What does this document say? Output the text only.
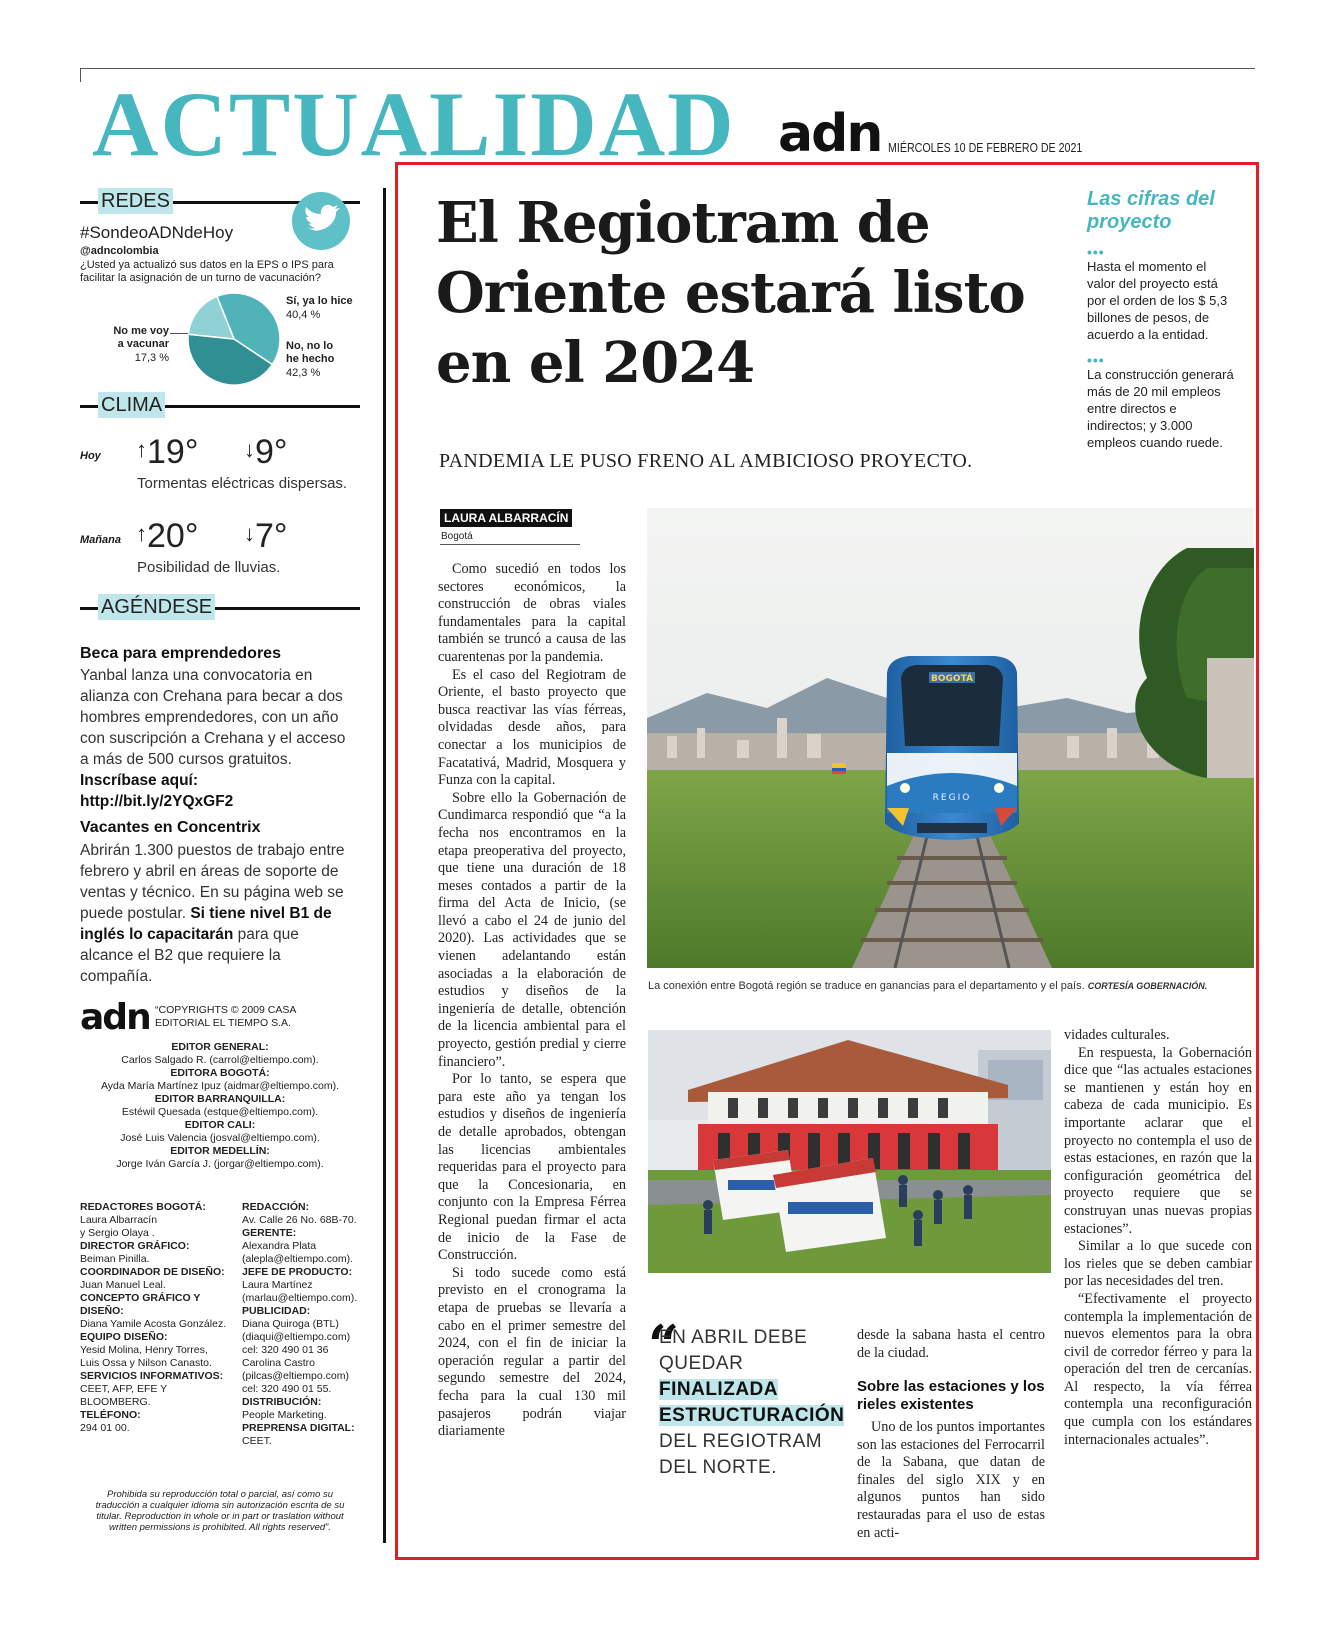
ACTUALIDAD adn MIÉRCOLES 10 DE FEBRERO DE 2021
REDES
#SondeoADNdeHoy
@adncolombia
¿Usted ya actualizó sus datos en la EPS o IPS para facilitar la asignación de un turno de vacunación?
Sí, ya lo hice
40,4 %
No, no lo
he hecho
42,3 %
No me voy
a vacunar
17,3 %
CLIMA
Hoy ↑19° ↓9°
Tormentas eléctricas dispersas.
Mañana ↑20° ↓7°
Posibilidad de lluvias.
AGÉNDESE
Beca para emprendedores
Yanbal lanza una convocatoria en alianza con Crehana para becar a dos hombres emprendedores, con un año con suscripción a Crehana y el acceso a más de 500 cursos gratuitos. Inscríbase aquí: http://bit.ly/2YQxGF2
Vacantes en Concentrix
Abrirán 1.300 puestos de trabajo entre febrero y abril en áreas de soporte de ventas y técnico. En su página web se puede postular. Si tiene nivel B1 de inglés lo capacitarán para que alcance el B2 que requiere la compañía.
adn “COPYRIGHTS © 2009 CASA
EDITORIAL EL TIEMPO S.A.
EDITOR GENERAL:
Carlos Salgado R. (carrol@eltiempo.com).
EDITORA BOGOTÁ:
Ayda María Martínez Ipuz (aidmar@eltiempo.com).
EDITOR BARRANQUILLA:
Estéwil Quesada (estque@eltiempo.com).
EDITOR CALI:
José Luis Valencia (josval@eltiempo.com).
EDITOR MEDELLÍN:
Jorge Iván García J. (jorgar@eltiempo.com).
REDACTORES BOGOTÁ:
Laura Albarracín
y Sergio Olaya .
DIRECTOR GRÁFICO:
Beiman Pinilla.
COORDINADOR DE DISEÑO:
Juan Manuel Leal.
CONCEPTO GRÁFICO Y DISEÑO:
Diana Yamile Acosta González.
EQUIPO DISEÑO:
Yesid Molina, Henry Torres,
Luis Ossa y Nilson Canasto.
SERVICIOS INFORMATIVOS:
CEET, AFP, EFE Y BLOOMBERG.
TELÉFONO:
294 01 00.
REDACCIÓN:
Av. Calle 26 No. 68B-70.
GERENTE:
Alexandra Plata
(alepla@eltiempo.com).
JEFE DE PRODUCTO:
Laura Martínez
(marlau@eltiempo.com).
PUBLICIDAD:
Diana Quiroga (BTL)
(diaqui@eltiempo.com)
cel: 320 490 01 36
Carolina Castro
(pilcas@eltiempo.com)
cel: 320 490 01 55.
DISTRIBUCIÓN:
People Marketing.
PREPRENSA DIGITAL:
CEET.
Prohibida su reproducción total o parcial, así como su traducción a cualquier idioma sin autorización escrita de su titular. Reproduction in whole or in part or traslation without written permissions is prohibited. All rights reserved”.
El Regiotram de Oriente estará listo en el 2024
PANDEMIA LE PUSO FRENO AL AMBICIOSO PROYECTO.
Las cifras del proyecto
•••
Hasta el momento el valor del proyecto está por el orden de los $ 5,3 billones de pesos, de acuerdo a la entidad.
•••
La construcción generará más de 20 mil empleos entre directos e indirectos; y 3.000 empleos cuando ruede.
LAURA ALBARRACÍN
Bogotá

Como sucedió en todos los sectores económicos, la construcción de obras viales fundamentales para la capital también se truncó a causa de las cuarentenas por la pandemia.

Es el caso del Regiotram de Oriente, el basto proyecto que busca reactivar las vías férreas, olvidadas desde años, para conectar a los municipios de Facatativá, Madrid, Mosquera y Funza con la capital.

Sobre ello la Gobernación de Cundimarca respondió que “a la fecha nos encontramos en la etapa preoperativa del proyecto, que tiene una duración de 18 meses contados a partir de la firma del Acta de Inicio, (se llevó a cabo el 24 de junio del 2020). Las actividades que se vienen adelantando están asociadas a la elaboración de estudios y diseños de la ingeniería de detalle, obtención de la licencia ambiental para el proyecto, gestión predial y cierre financiero”.

Por lo tanto, se espera que para este año ya tengan los estudios y diseños de ingeniería de detalle aprobados, obtengan las licencias ambientales requeridas para el proyecto para que la Concesionaria, en conjunto con la Empresa Férrea Regional puedan firmar el acta de inicio de la Fase de Construcción.

Si todo sucede como está previsto en el cronograma la etapa de pruebas se llevaría a cabo en el primer semestre del 2024, con el fin de iniciar la operación regular a partir del segundo semestre del 2024, fecha para la cual 130 mil pasajeros podrán viajar diariamente

BOGOTÁ
REGIO
La conexión entre Bogotá región se traduce en ganancias para el departamento y el país. CORTESÍA GOBERNACIÓN.
“
EN ABRIL DEBE QUEDAR FINALIZADA ESTRUCTURACIÓN DEL REGIOTRAM DEL NORTE.

desde la sabana hasta el centro de la ciudad.

Sobre las estaciones y los rieles existentes

Uno de los puntos importantes son las estaciones del Ferrocarril de la Sabana, que datan de finales del siglo XIX y en algunos puntos han sido restauradas para el uso de estas en acti-

vidades culturales.

En respuesta, la Gobernación dice que “las actuales estaciones se mantienen y están hoy en cabeza de cada municipio. Es importante aclarar que el proyecto no contempla el uso de estas estaciones, en razón que la configuración geométrica del proyecto requiere que se construyan unas nuevas propias estaciones”.

Similar a lo que sucede con los rieles que se deben cambiar por las necesidades del tren.

“Efectivamente el proyecto contempla la implementación de nuevos elementos para la obra civil de corredor férreo y para la operación del tren de cercanías. Al respecto, la vía férrea contempla una reconfiguración que cumpla con los estándares internacionales actuales”.
